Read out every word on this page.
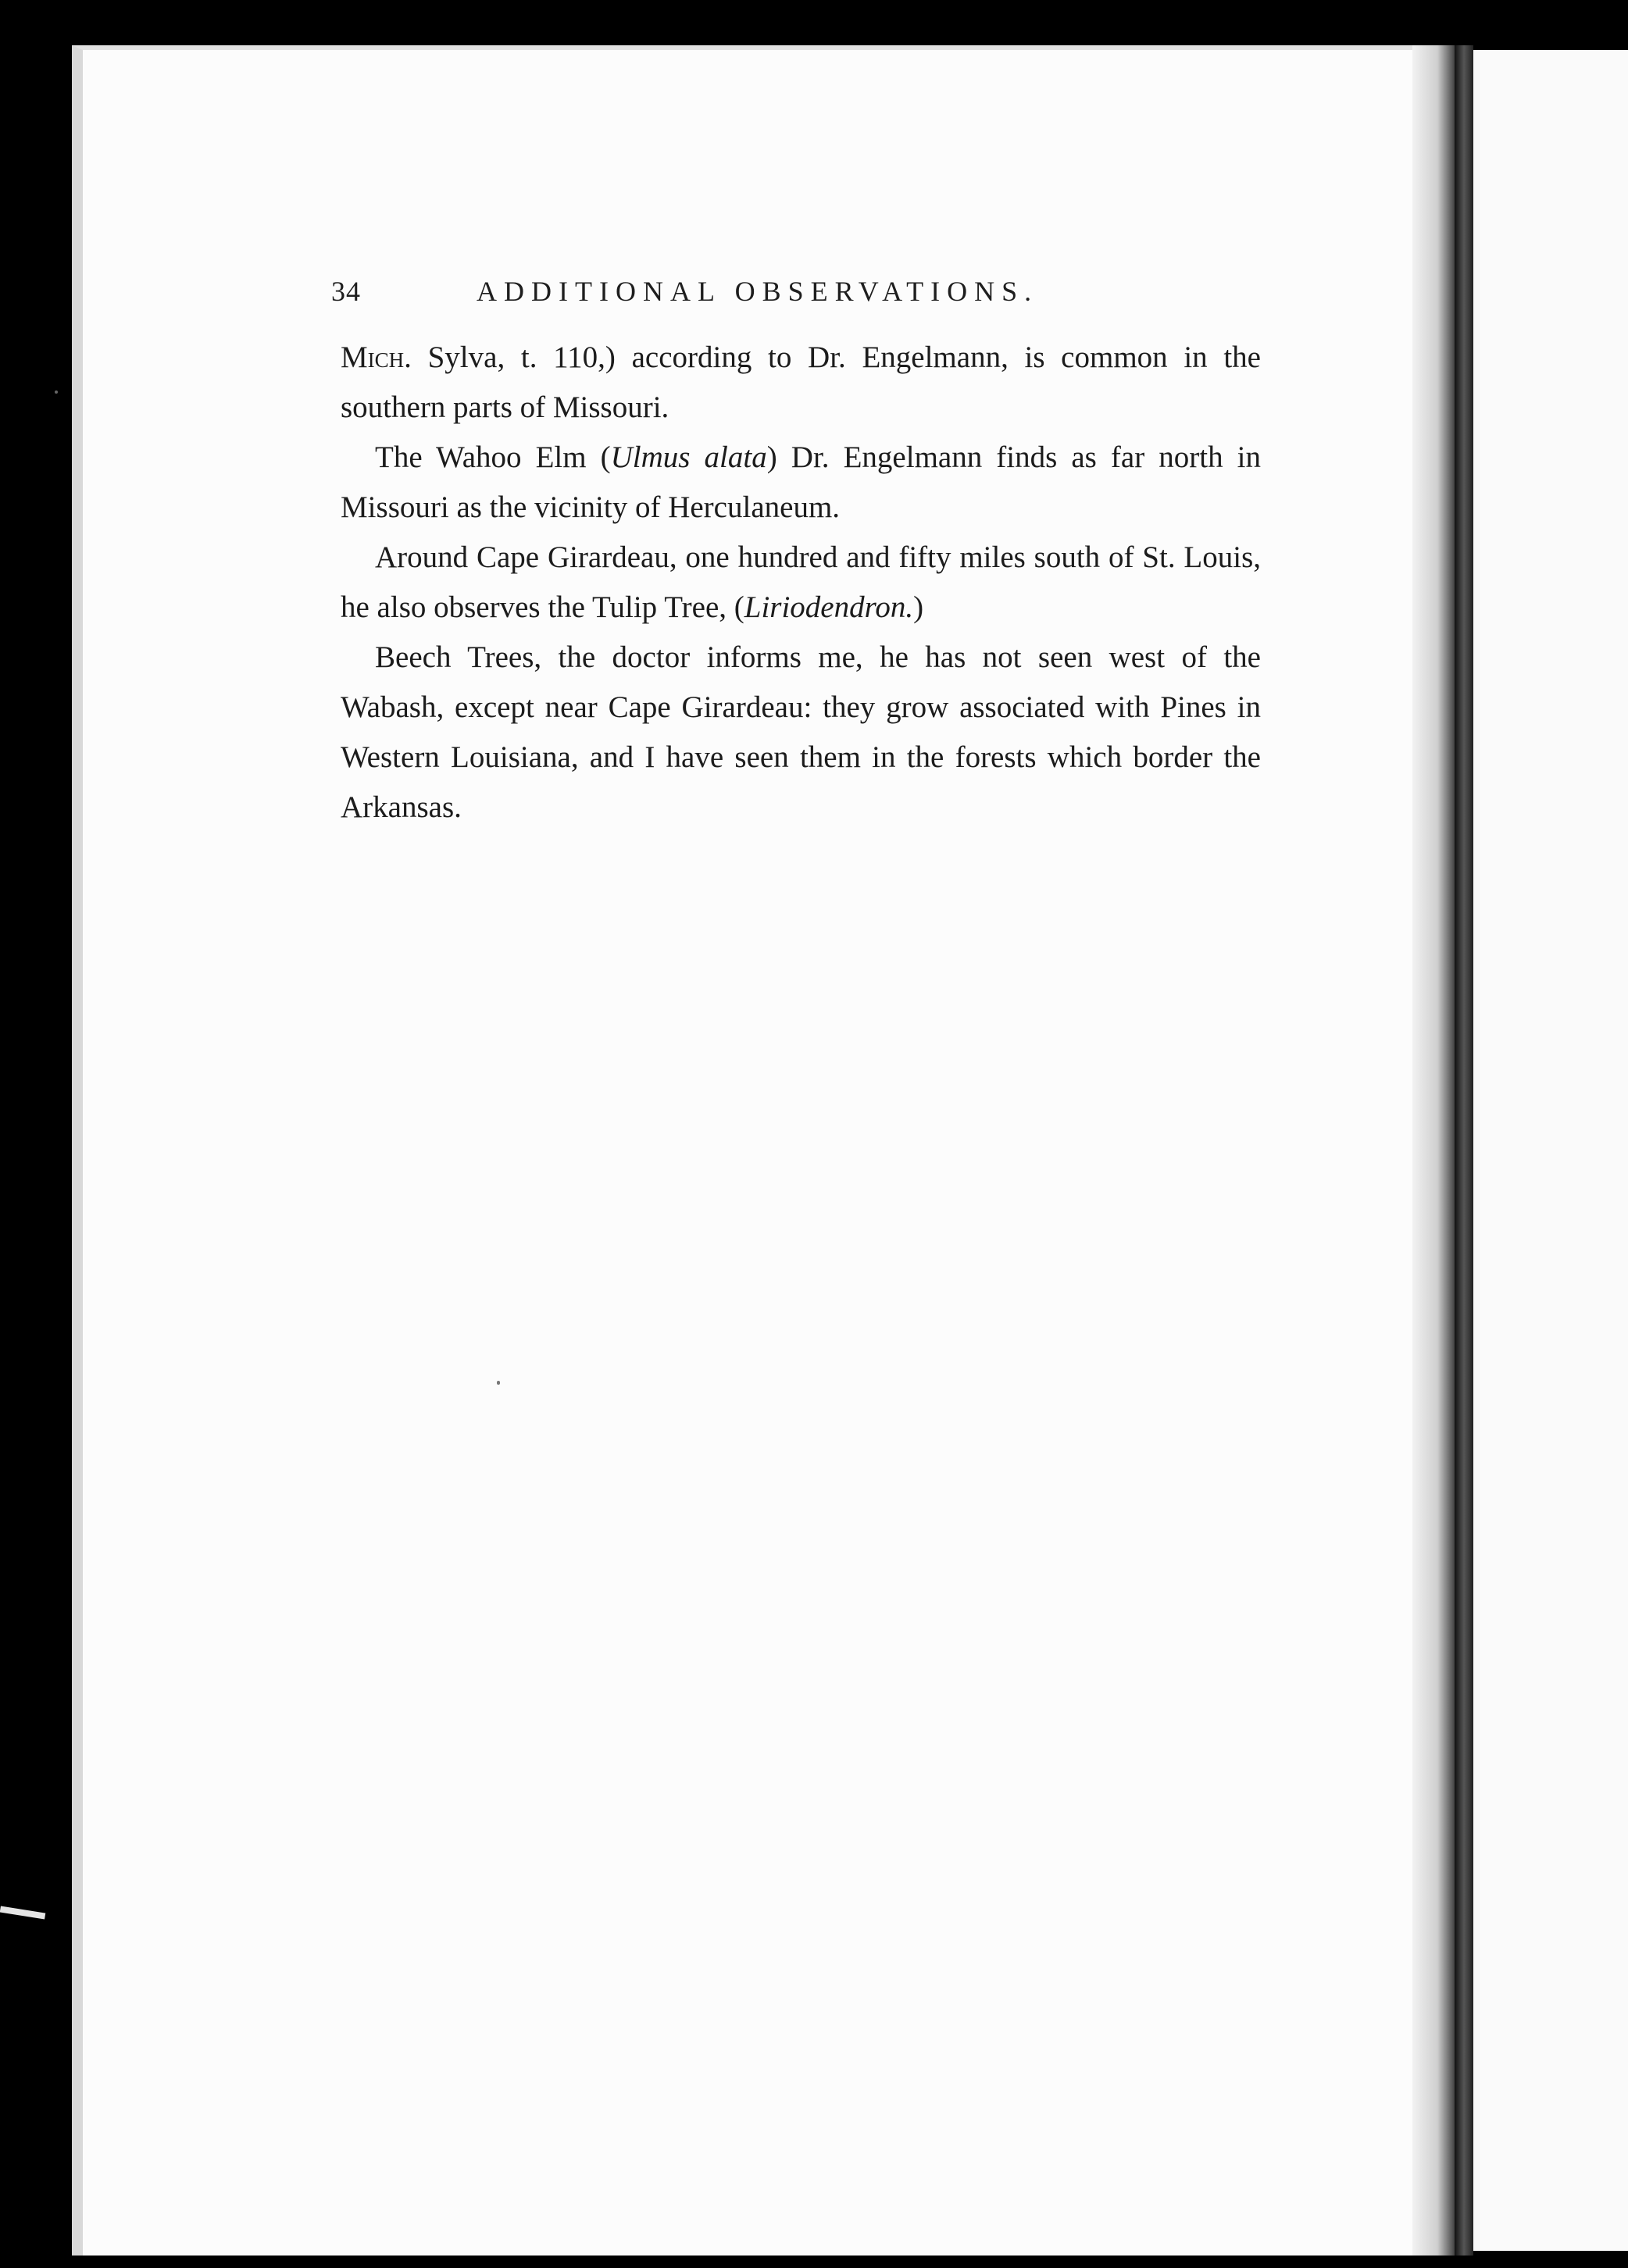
34	ADDITIONAL OBSERVATIONS.

Mich. Sylva, t. 110,) according to Dr. Engelmann, is common in the southern parts of Missouri.

The Wahoo Elm (Ulmus alata) Dr. Engelmann finds as far north in Missouri as the vicinity of Herculaneum.

Around Cape Girardeau, one hundred and fifty miles south of St. Louis, he also observes the Tulip Tree, (Liriodendron.)

Beech Trees, the doctor informs me, he has not seen west of the Wabash, except near Cape Girardeau: they grow associated with Pines in Western Louisiana, and I have seen them in the forests which border the Arkansas.
